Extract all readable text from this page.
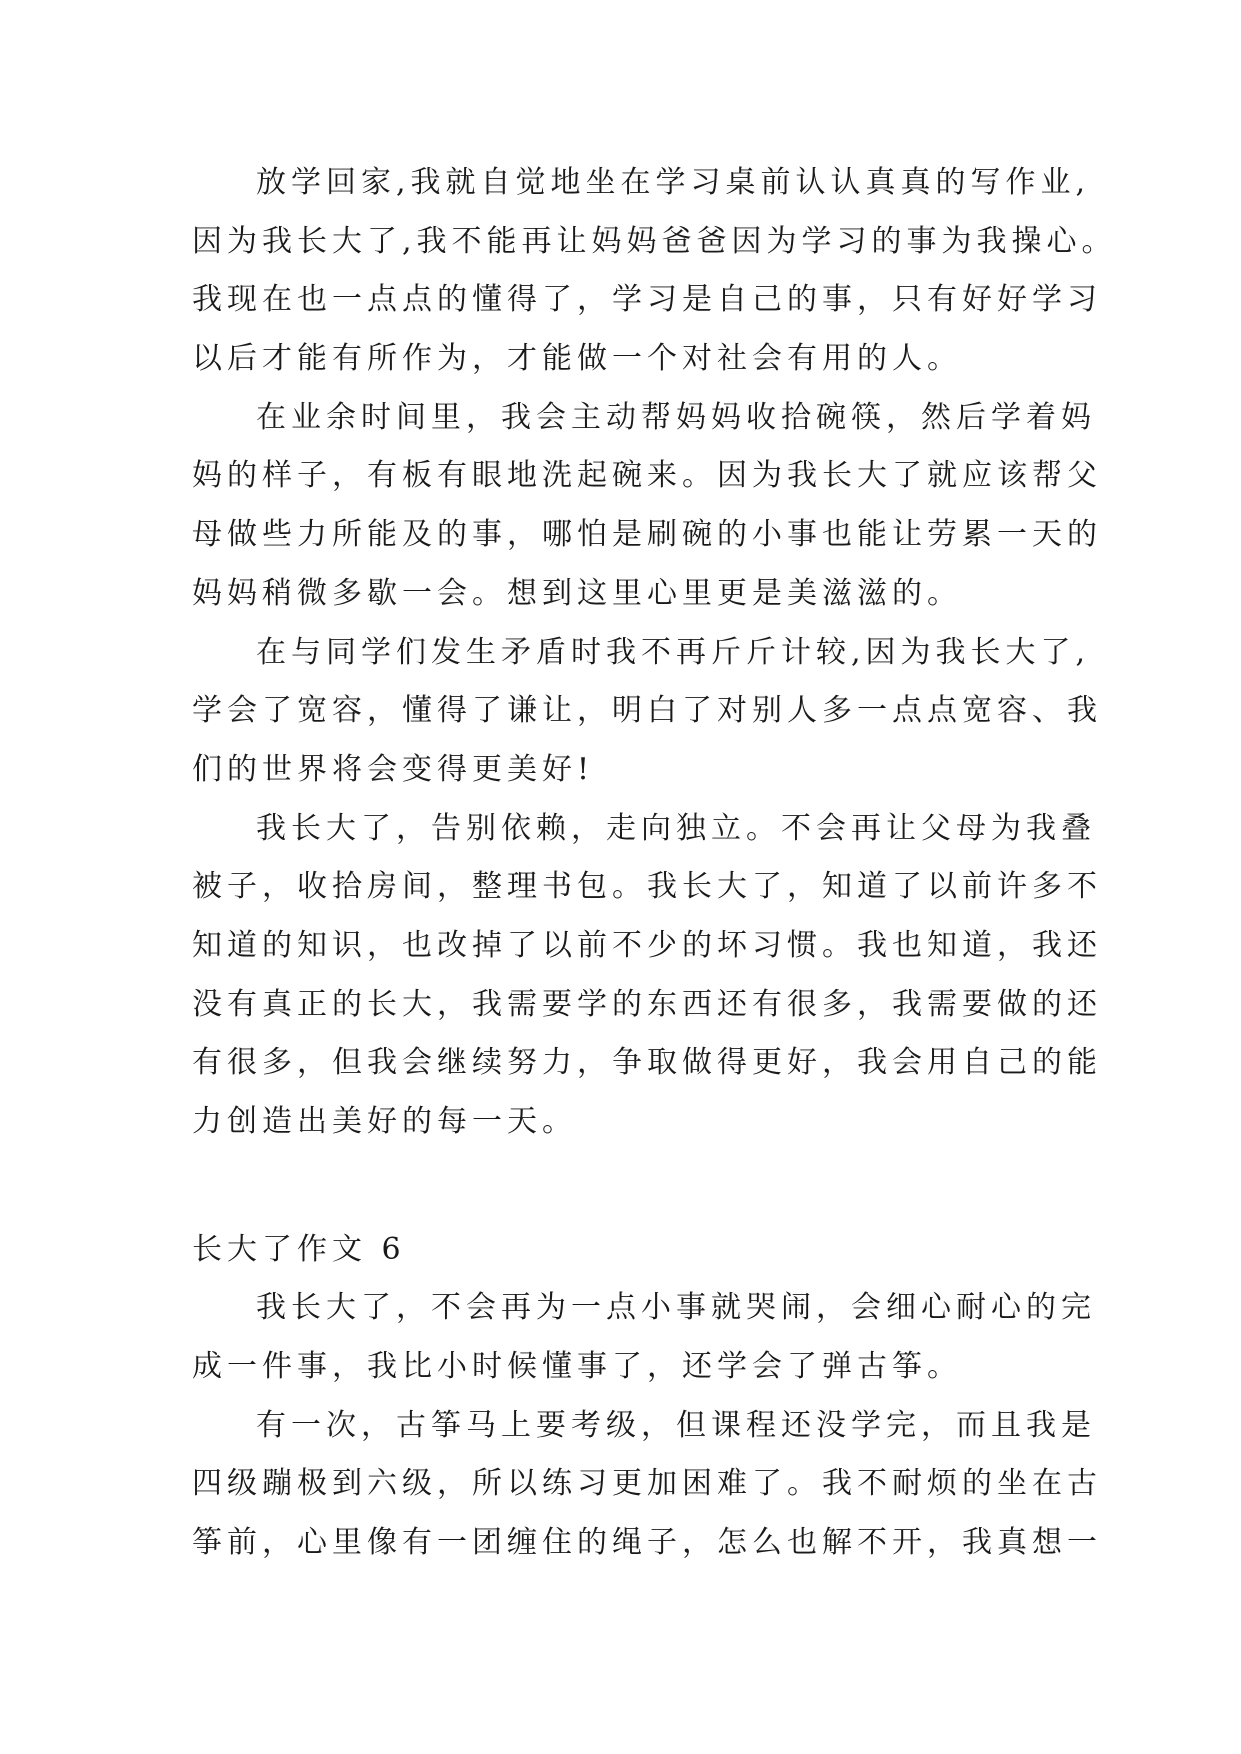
放学回家,我就自觉地坐在学习桌前认认真真的写作业,
因为我长大了,我不能再让妈妈爸爸因为学习的事为我操心。
我现在也一点点的懂得了，学习是自己的事，只有好好学习
以后才能有所作为，才能做一个对社会有用的人。
在业余时间里，我会主动帮妈妈收拾碗筷，然后学着妈
妈的样子，有板有眼地洗起碗来。因为我长大了就应该帮父
母做些力所能及的事，哪怕是刷碗的小事也能让劳累一天的
妈妈稍微多歇一会。想到这里心里更是美滋滋的。
在与同学们发生矛盾时我不再斤斤计较,因为我长大了,
学会了宽容，懂得了谦让，明白了对别人多一点点宽容、我
们的世界将会变得更美好!
我长大了，告别依赖，走向独立。不会再让父母为我叠
被子，收拾房间，整理书包。我长大了，知道了以前许多不
知道的知识，也改掉了以前不少的坏习惯。我也知道，我还
没有真正的长大，我需要学的东西还有很多，我需要做的还
有很多，但我会继续努力，争取做得更好，我会用自己的能
力创造出美好的每一天。
长大了作文 6
我长大了，不会再为一点小事就哭闹，会细心耐心的完
成一件事，我比小时候懂事了，还学会了弹古筝。
有一次，古筝马上要考级，但课程还没学完，而且我是
四级蹦极到六级，所以练习更加困难了。我不耐烦的坐在古
筝前，心里像有一团缠住的绳子，怎么也解不开，我真想一
